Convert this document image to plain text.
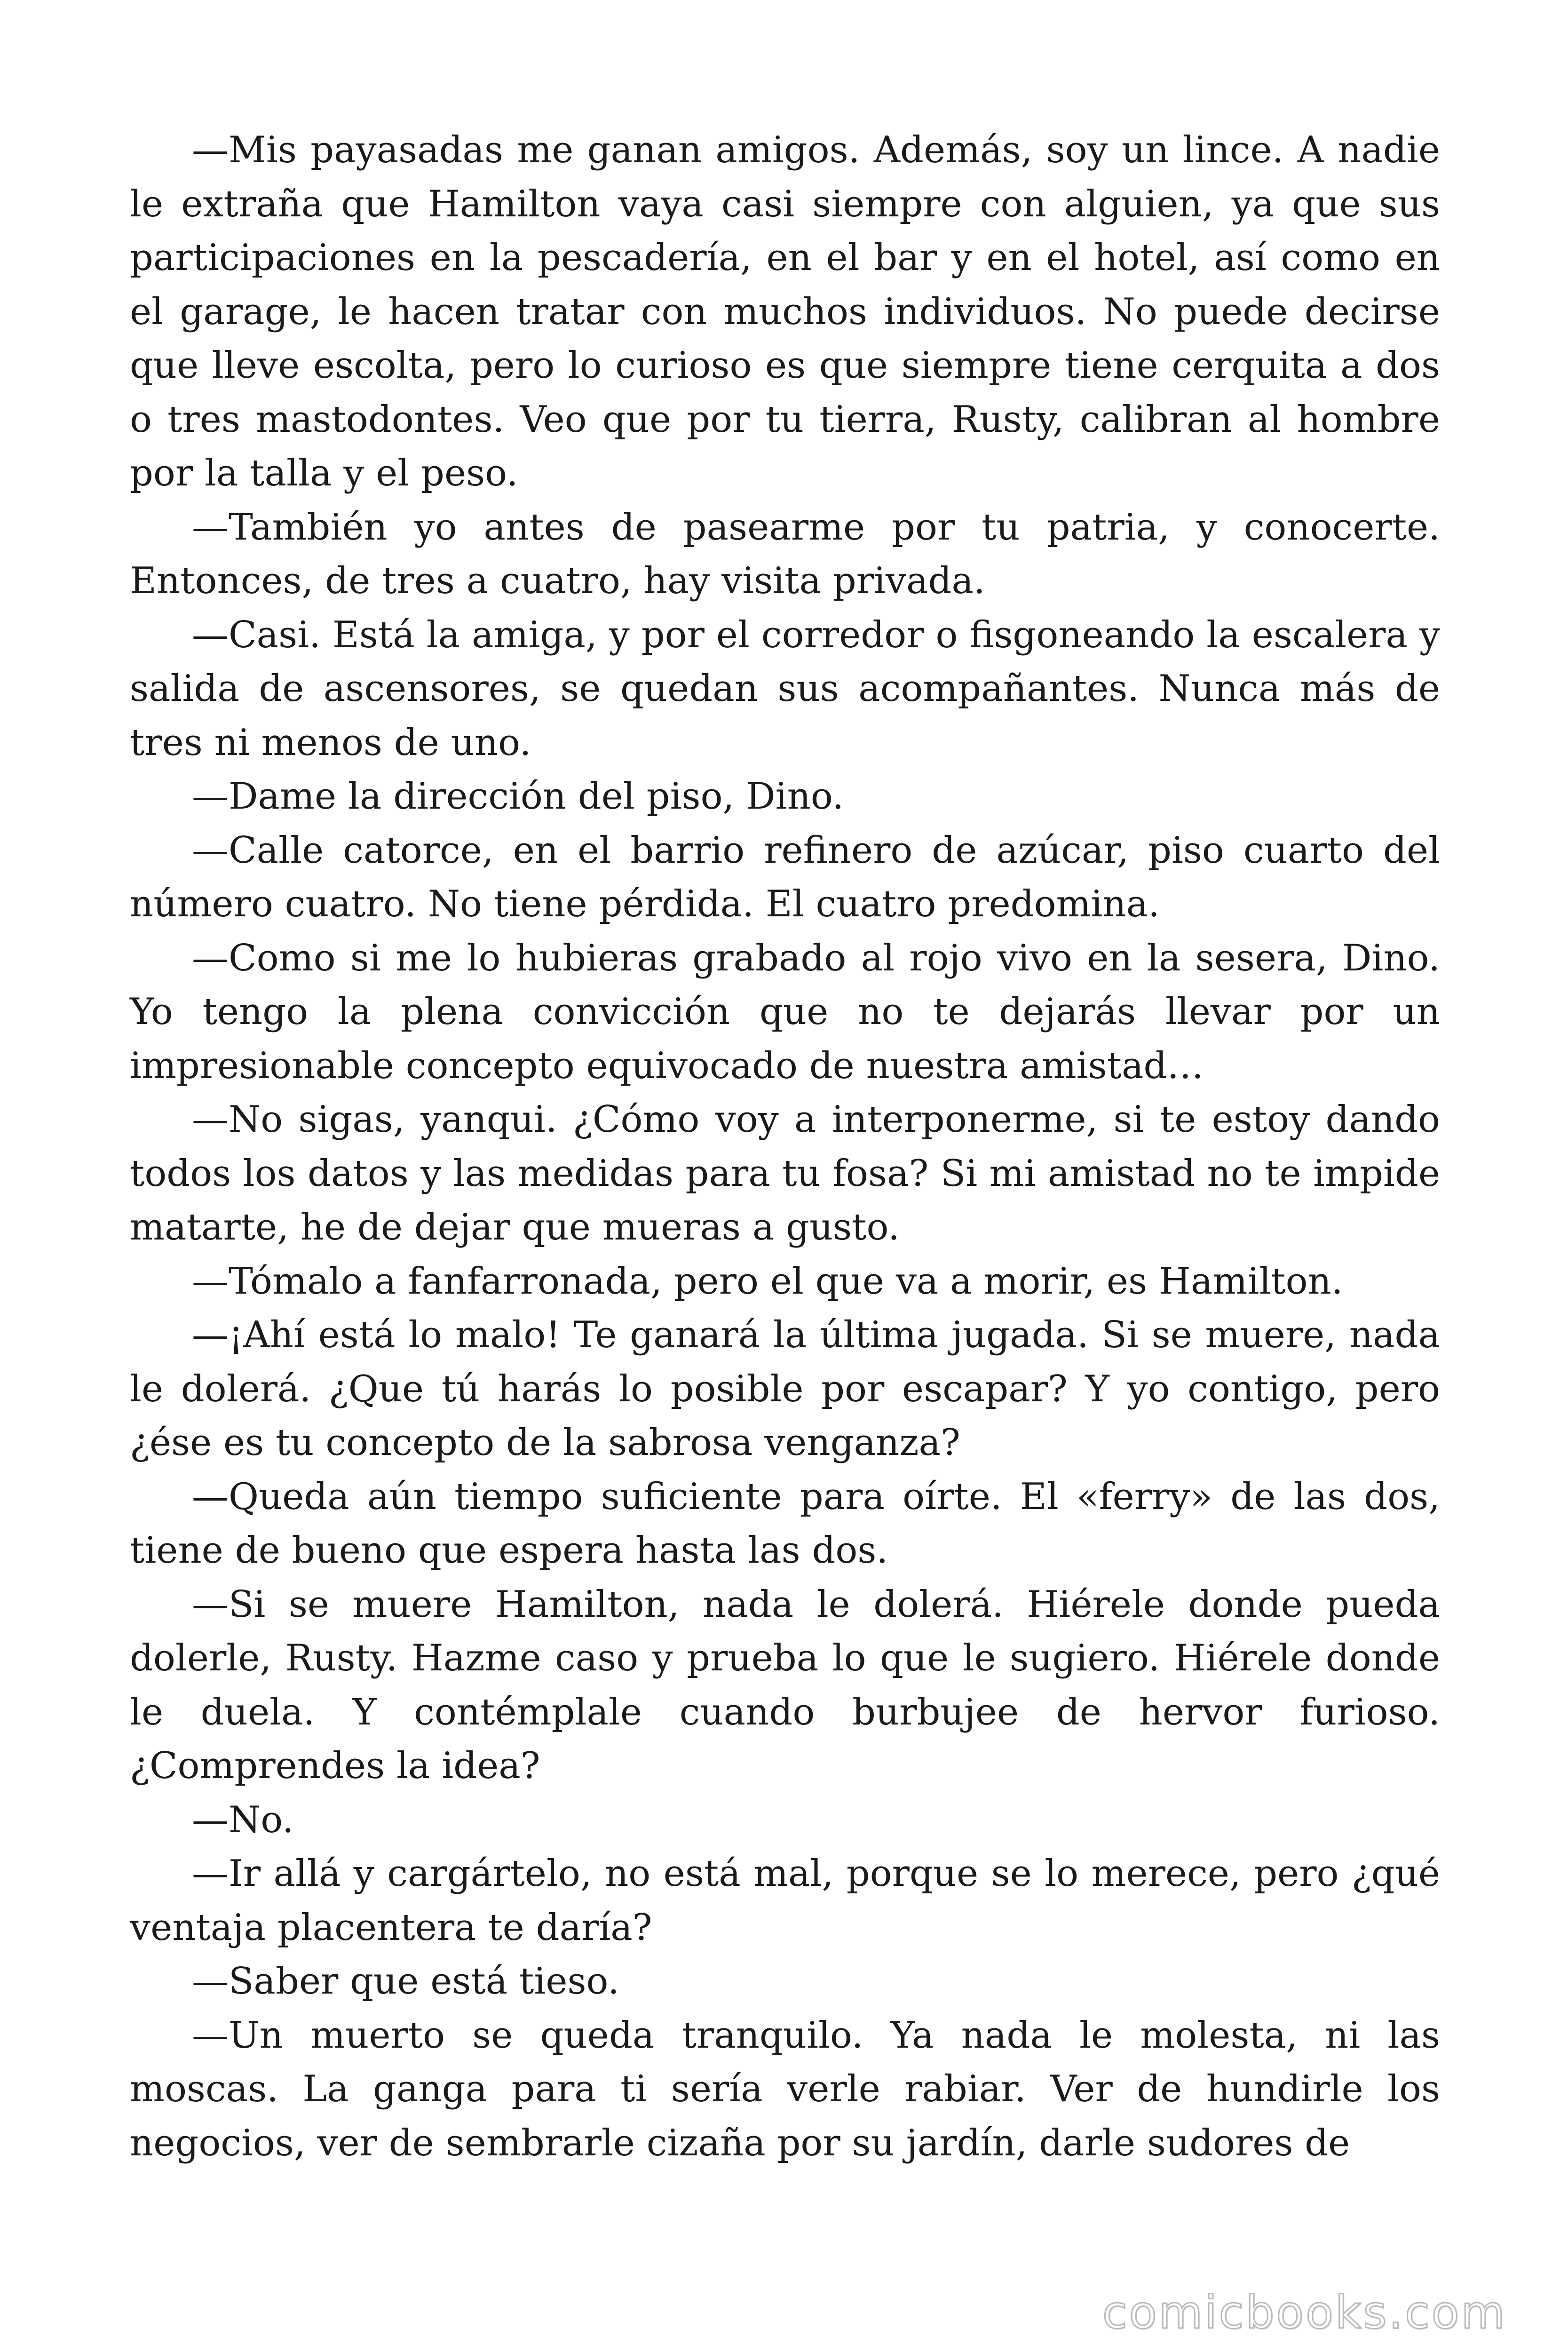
—Mis payasadas me ganan amigos. Además, soy un lince. A nadie le extraña que Hamilton vaya casi siempre con alguien, ya que sus participaciones en la pescadería, en el bar y en el hotel, así como en el garage, le hacen tratar con muchos individuos. No puede decirse que lleve escolta, pero lo curioso es que siempre tiene cerquita a dos o tres mastodontes. Veo que por tu tierra, Rusty, calibran al hombre por la talla y el peso.

—También yo antes de pasearme por tu patria, y conocerte. Entonces, de tres a cuatro, hay visita privada.

—Casi. Está la amiga, y por el corredor o fisgoneando la escalera y salida de ascensores, se quedan sus acompañantes. Nunca más de tres ni menos de uno.

—Dame la dirección del piso, Dino.

—Calle catorce, en el barrio refinero de azúcar, piso cuarto del número cuatro. No tiene pérdida. El cuatro predomina.

—Como si me lo hubieras grabado al rojo vivo en la sesera, Dino. Yo tengo la plena convicción que no te dejarás llevar por un impresionable concepto equivocado de nuestra amistad…

—No sigas, yanqui. ¿Cómo voy a interponerme, si te estoy dando todos los datos y las medidas para tu fosa? Si mi amistad no te impide matarte, he de dejar que mueras a gusto.

—Tómalo a fanfarronada, pero el que va a morir, es Hamilton.

—¡Ahí está lo malo! Te ganará la última jugada. Si se muere, nada le dolerá. ¿Que tú harás lo posible por escapar? Y yo contigo, pero ¿ése es tu concepto de la sabrosa venganza?

—Queda aún tiempo suficiente para oírte. El «ferry» de las dos, tiene de bueno que espera hasta las dos.

—Si se muere Hamilton, nada le dolerá. Hiérele donde pueda dolerle, Rusty. Hazme caso y prueba lo que le sugiero. Hiérele donde le duela. Y contémplale cuando burbujee de hervor furioso. ¿Comprendes la idea?

—No.

—Ir allá y cargártelo, no está mal, porque se lo merece, pero ¿qué ventaja placentera te daría?

—Saber que está tieso.

—Un muerto se queda tranquilo. Ya nada le molesta, ni las moscas. La ganga para ti sería verle rabiar. Ver de hundirle los negocios, ver de sembrarle cizaña por su jardín, darle sudores de

comicbooks.com
